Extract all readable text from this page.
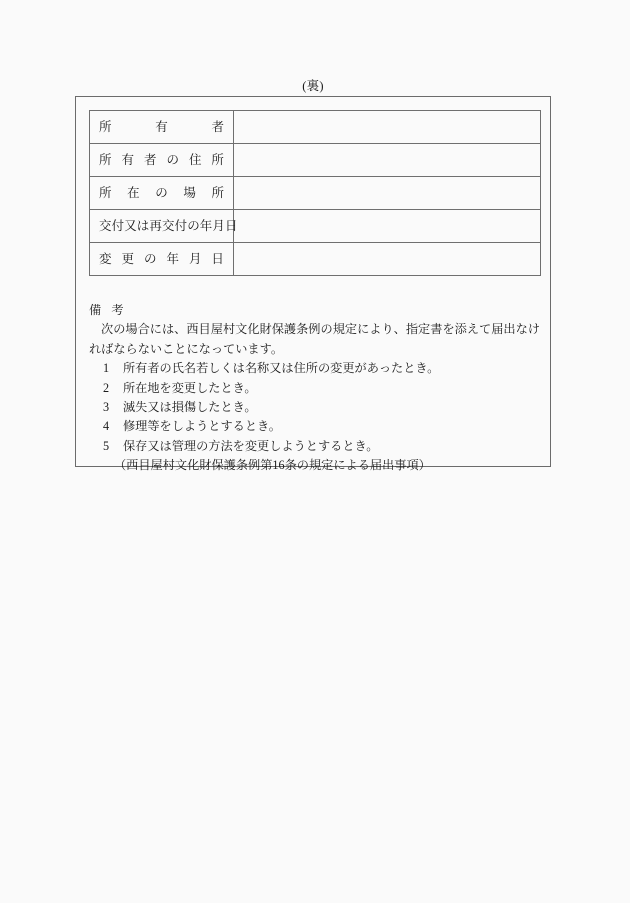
(裏)
所 有 者	

所 有 者 の 住 所

所 在 の 場 所	

交付又は再交付の年月日	

変 更 の 年 月 日

備 考

次の場合には、西目屋村文化財保護条例の規定により、指定書を添えて届出なければならないことになっています。

1	所有者の氏名若しくは名称又は住所の変更があったとき。
2	所在地を変更したとき。
3	滅失又は損傷したとき。
4	修理等をしようとするとき。
5	保存又は管理の方法を変更しようとするとき。

（西目屋村文化財保護条例第16条の規定による届出事項）
